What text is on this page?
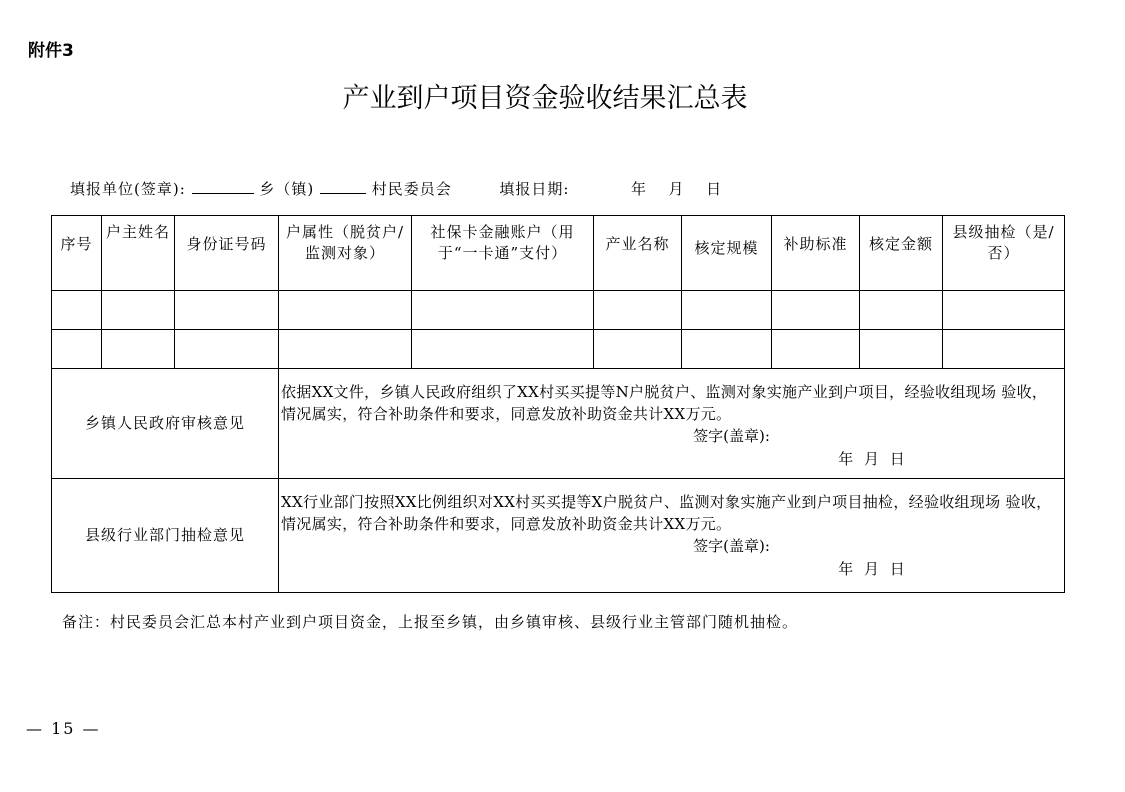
附件3
产业到户项目资金验收结果汇总表
填报单位(签章):	乡（镇)	村民委员会	填报日期:	年 月 日
序号	户主姓名	身份证号码	户属性（脱贫户/监测对象）	社保卡金融账户（用于“一卡通”支付）	产业名称	核定规模	补助标准	核定金额	县级抽检（是/否）

乡镇人民政府审核意见			依据XX文件，乡镇人民政府组织了XX村买买提等N户脱贫户、监测对象实施产业到户项目，经验收组现场 验收，情况属实，符合补助条件和要求，同意发放补助资金共计XX万元。
签字(盖章):
年 月 日						

县级行业部门抽检意见			XX行业部门按照XX比例组织对XX村买买提等X户脱贫户、监测对象实施产业到户项目抽检，经验收组现场 验收，情况属实，符合补助条件和要求，同意发放补助资金共计XX万元。
签字(盖章):
年 月 日						
备注：村民委员会汇总本村产业到户项目资金，上报至乡镇，由乡镇审核、县级行业主管部门随机抽检。
— 15 —
